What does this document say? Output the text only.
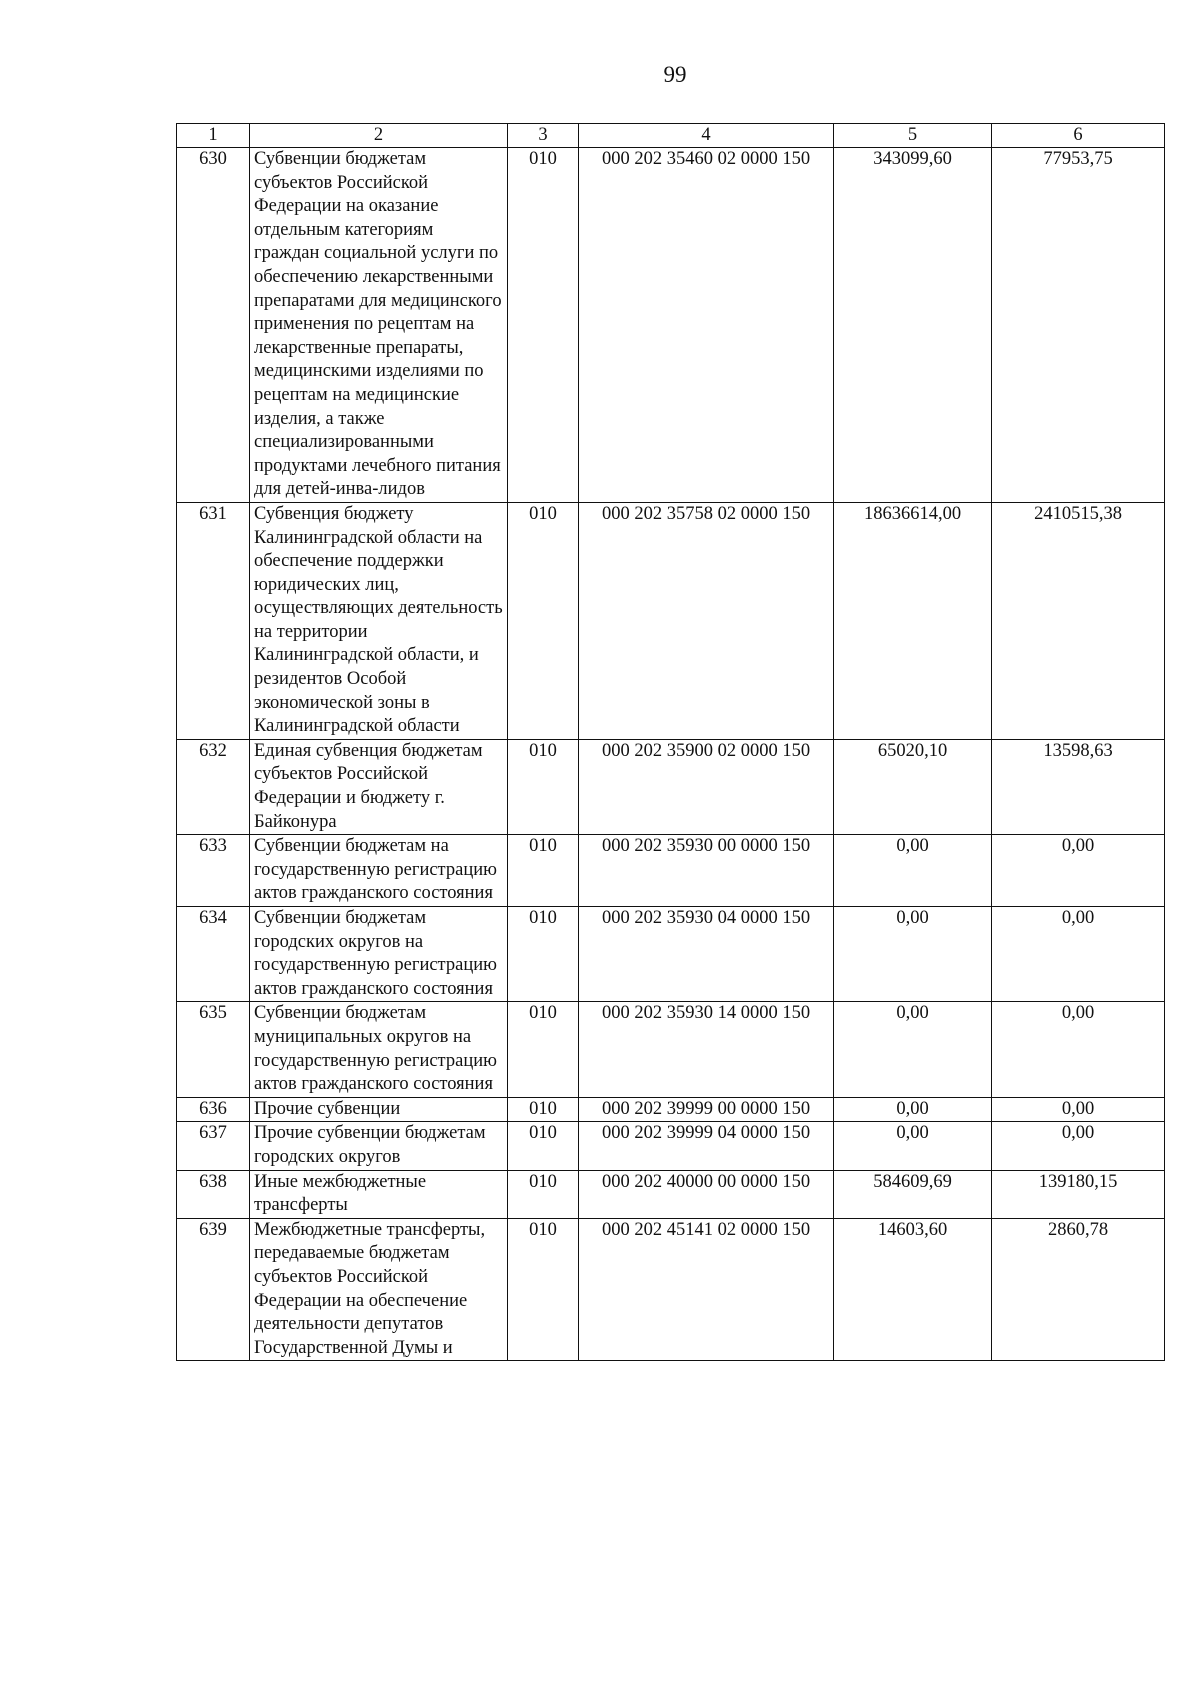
99
1	2	3	4	5	6
630	Субвенции бюджетам субъектов Российской Федерации на оказание отдельным категориям граждан социальной услуги по обеспечению лекарственными препаратами для медицинского применения по рецептам на лекарственные препараты, медицинскими изделиями по рецептам на медицинские изделия, а также специализированными продуктами лечебного питания для детей-инва-лидов	010	000 202 35460 02 0000 150	343099,60	77953,75
631	Субвенция бюджету Калининградской области на обеспечение поддержки юридических лиц, осуществляющих деятельность на территории Калининградской области, и резидентов Особой экономической зоны в Калининградской области	010	000 202 35758 02 0000 150	18636614,00	2410515,38
632	Единая субвенция бюджетам субъектов Российской Федерации и бюджету г. Байконура	010	000 202 35900 02 0000 150	65020,10	13598,63
633	Субвенции бюджетам на государственную регистрацию актов гражданского состояния	010	000 202 35930 00 0000 150	0,00	0,00
634	Субвенции бюджетам городских округов на государственную регистрацию актов гражданского состояния	010	000 202 35930 04 0000 150	0,00	0,00
635	Субвенции бюджетам муниципальных округов на государственную регистрацию актов гражданского состояния	010	000 202 35930 14 0000 150	0,00	0,00
636	Прочие субвенции	010	000 202 39999 00 0000 150	0,00	0,00
637	Прочие субвенции бюджетам городских округов	010	000 202 39999 04 0000 150	0,00	0,00
638	Иные межбюджетные трансферты	010	000 202 40000 00 0000 150	584609,69	139180,15
639	Межбюджетные трансферты, передаваемые бюджетам субъектов Российской Федерации на обеспечение деятельности депутатов Государственной Думы и	010	000 202 45141 02 0000 150	14603,60	2860,78
